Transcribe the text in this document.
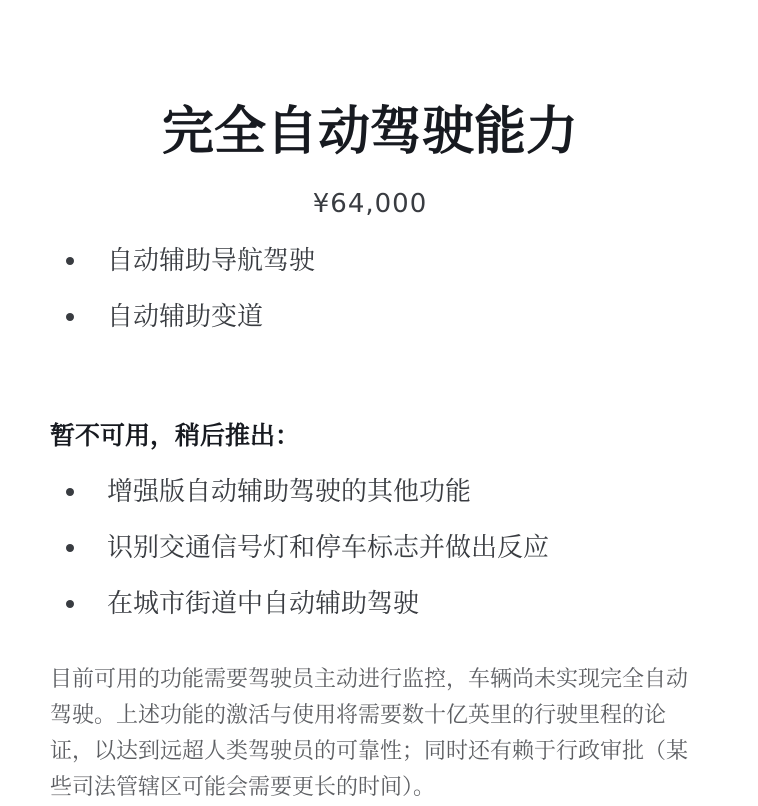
完全自动驾驶能力
¥64,000
自动辅助导航驾驶
自动辅助变道
暂不可用，稍后推出：
增强版自动辅助驾驶的其他功能
识别交通信号灯和停车标志并做出反应
在城市街道中自动辅助驾驶

目前可用的功能需要驾驶员主动进行监控，车辆尚未实现完全自动驾驶。上述功能的激活与使用将需要数十亿英里的行驶里程的论证，以达到远超人类驾驶员的可靠性；同时还有赖于行政审批（某些司法管辖区可能会需要更长的时间）。
